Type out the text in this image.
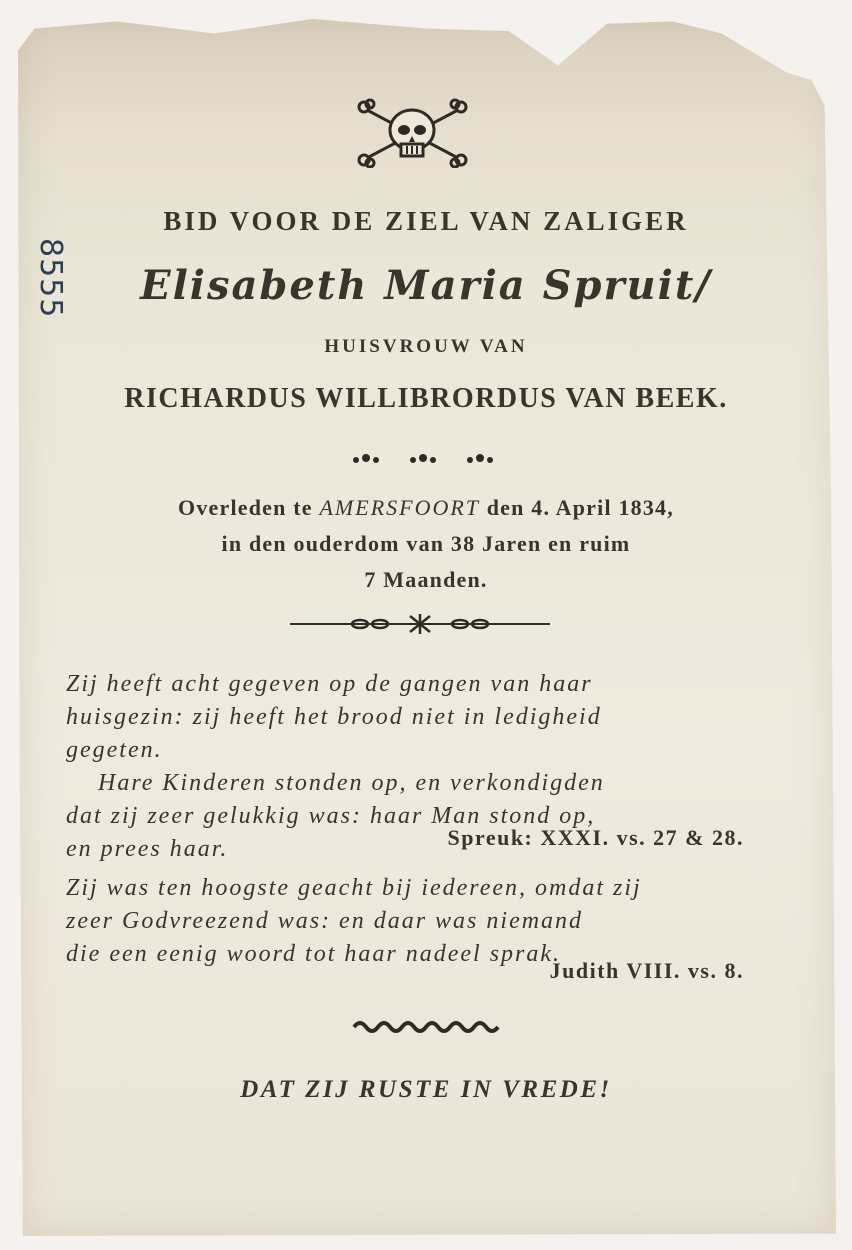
8555
BID VOOR DE ZIEL VAN ZALIGER
Elisabeth Maria Spruit/
HUISVROUW VAN
RICHARDUS WILLIBRORDUS VAN BEEK.
Overleden te AMERSFOORT den 4. April 1834,
in den ouderdom van 38 Jaren en ruim
7 Maanden.

Zij heeft acht gegeven op de gangen van haar

huisgezin: zij heeft het brood niet in ledigheid

gegeten.

Hare Kinderen stonden op, en verkondigden

dat zij zeer gelukkig was: haar Man stond op,

en prees haar.	Spreuk: XXXI. vs. 27 & 28.

Zij was ten hoogste geacht bij iedereen, omdat zij

zeer Godvreezend was: en daar was niemand

die een eenig woord tot haar nadeel sprak.

Judith VIII. vs. 8.
DAT ZIJ RUSTE IN VREDE!
